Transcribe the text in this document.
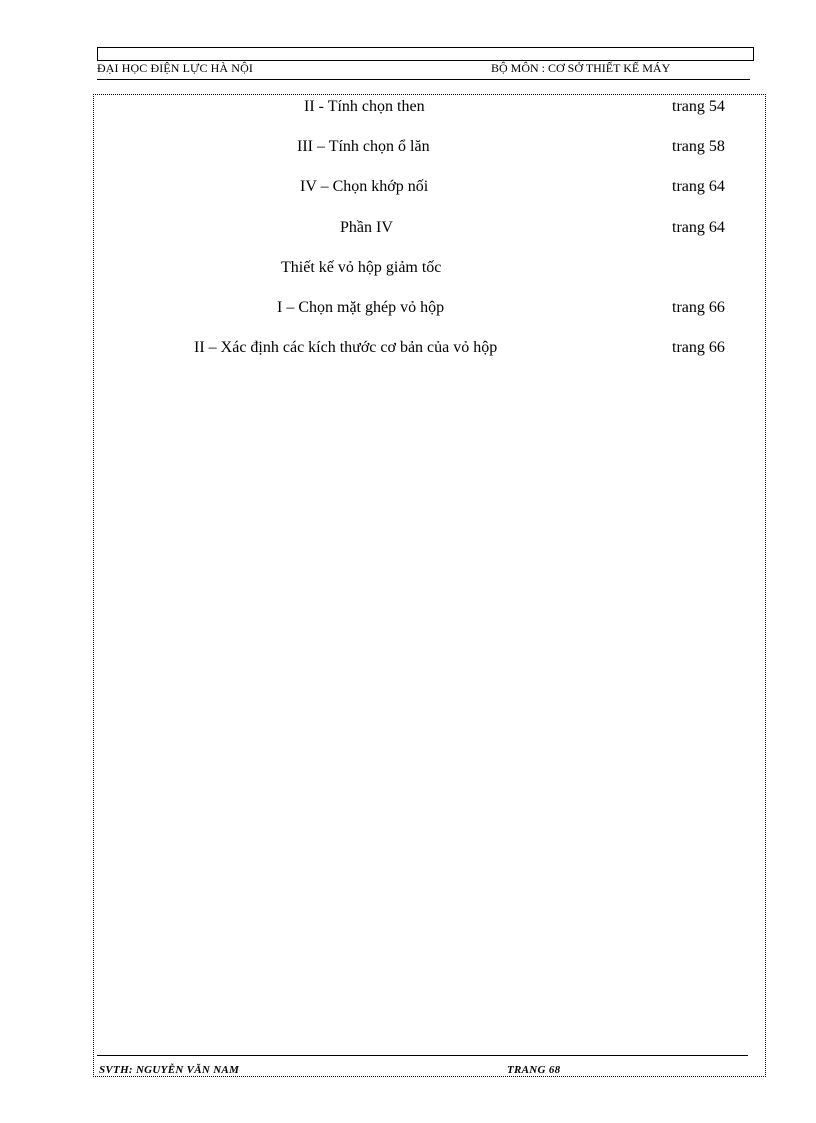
ĐẠI HỌC ĐIỆN LỰC HÀ NỘI	BỘ MÔN : CƠ SỞ THIẾT KẾ MÁY
II - Tính chọn then	trang 54
III – Tính chọn ổ lăn	trang 58
IV – Chọn khớp nối	trang 64
Phần IV	trang 64
Thiết kế vỏ hộp giảm tốc
I – Chọn mặt ghép vỏ hộp	trang 66
II – Xác định các kích thước cơ bản của vỏ hộp	trang 66
SVTH: NGUYỄN VĂN NAM	TRANG 68
